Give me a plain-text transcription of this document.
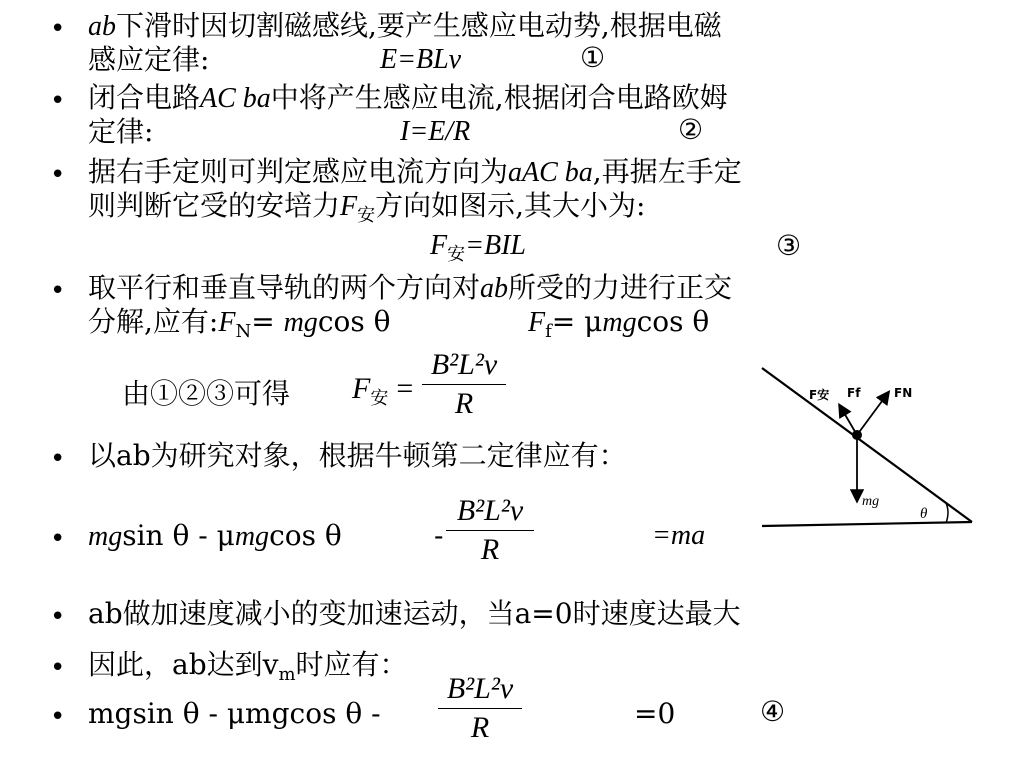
• ab下滑时因切割磁感线,要产生感应电动势,根据电磁
感应定律:	E=BLv	①
• 闭合电路AC ba中将产生感应电流,根据闭合电路欧姆
定律:	I=E/R	②
• 据右手定则可判定感应电流方向为aAC ba,再据左手定
则判断它受的安培力$F_安$方向如图示,其大小为:
$F_安=BIL$	③
• 取平行和垂直导轨的两个方向对ab所受的力进行正交
分解,应有$:F_N= mgcos$ θ	$F_f= \mu mgcos$ θ
由①②③可得 $F_安$ =
B²L²v
R
• 以ab为研究对象，根据牛顿第二定律应有：
• mgsin θ - μmgcos θ	-
B²L²v
R	=ma
• ab做加速度减小的变加速运动，当a=0时速度达最大
• 因此，ab达到$v_m$时应有：
• mgsin θ - μmgcos θ -
B²L²v
R	=0	④
mg
θ
F安 Ff	FN
